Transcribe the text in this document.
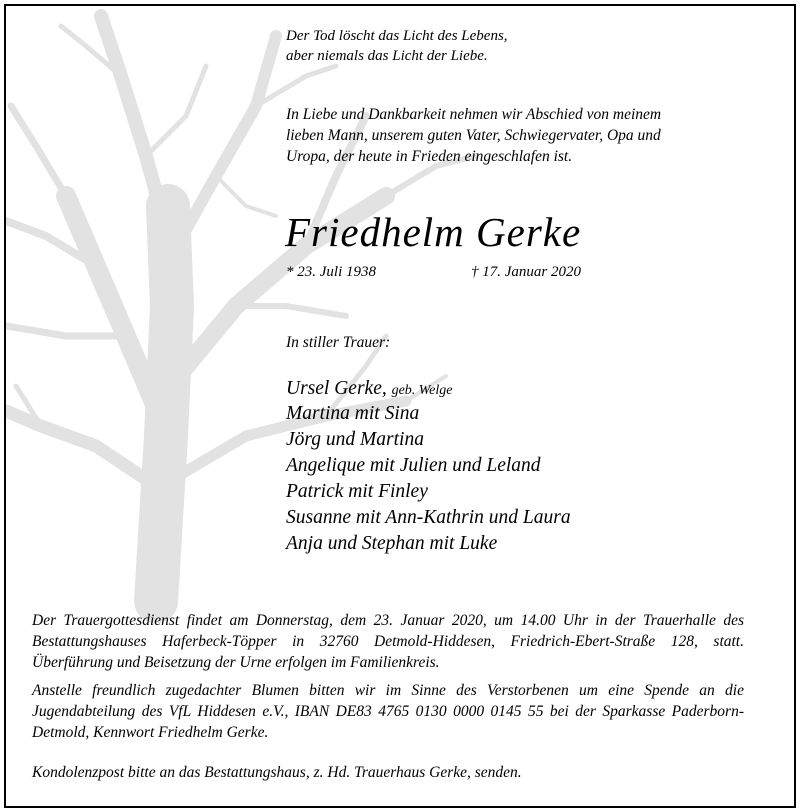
Der Tod löscht das Licht des Lebens,
aber niemals das Licht der Liebe.
In Liebe und Dankbarkeit nehmen wir Abschied von meinem
lieben Mann, unserem guten Vater, Schwiegervater, Opa und
Uropa, der heute in Frieden eingeschlafen ist.
Friedhelm Gerke
* 23. Juli 1938	† 17. Januar 2020
In stiller Trauer:
Ursel Gerke, geb. Welge
Martina mit Sina
Jörg und Martina
Angelique mit Julien und Leland
Patrick mit Finley
Susanne mit Ann-Kathrin und Laura
Anja und Stephan mit Luke
Der Trauergottesdienst findet am Donnerstag, dem 23. Januar 2020, um 14.00 Uhr in der Trauerhalle des Bestattungshauses Haferbeck-Töpper in 32760 Detmold-Hiddesen, Friedrich-Ebert-Straße 128, statt. Überführung und Beisetzung der Urne erfolgen im Familienkreis.
Anstelle freundlich zugedachter Blumen bitten wir im Sinne des Verstorbenen um eine Spende an die Jugendabteilung des VfL Hiddesen e.V., IBAN DE83 4765 0130 0000 0145 55 bei der Sparkasse Paderborn-Detmold, Kennwort Friedhelm Gerke.
Kondolenzpost bitte an das Bestattungshaus, z. Hd. Trauerhaus Gerke, senden.
